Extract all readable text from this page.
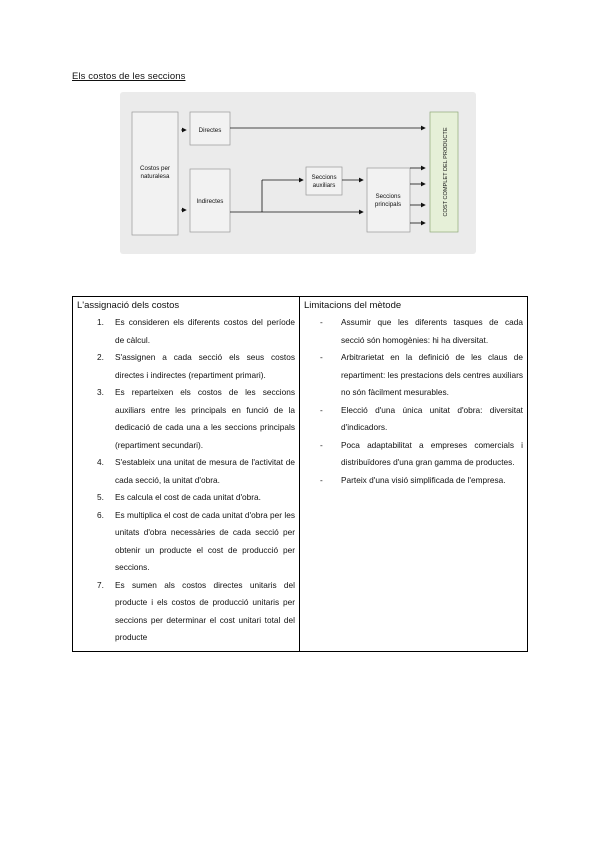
Els costos de les seccions
Costos per
naturalesa
Directes
Indirectes
Seccions
auxiliars
Seccions
principals	COST COMPLET DEL PRODUCTE
L'assignació dels costos
1. Es consideren els diferents costos del període de càlcul.
2. S'assignen a cada secció els seus costos directes i indirectes (repartiment primari).
3. Es reparteixen els costos de les seccions auxiliars entre les principals en funció de la dedicació de cada una a les seccions principals (repartiment secundari).
4. S'estableix una unitat de mesura de l'activitat de cada secció, la unitat d'obra.
5. Es calcula el cost de cada unitat d'obra.
6. Es multiplica el cost de cada unitat d'obra per les unitats d'obra necessàries de cada secció per obtenir un producte el cost de producció per seccions.
7. Es sumen als costos directes unitaris del producte i els costos de producció unitaris per seccions per determinar el cost unitari total del producte

Limitacions del mètode
- Assumir que les diferents tasques de cada secció són homogènies: hi ha diversitat.
- Arbitrarietat en la definició de les claus de repartiment: les prestacions dels centres auxiliars no són fàcilment mesurables.
- Elecció d'una única unitat d'obra: diversitat d'indicadors.
- Poca adaptabilitat a empreses comercials i distribuïdores d'una gran gamma de productes.
- Parteix d'una visió simplificada de l'empresa.
